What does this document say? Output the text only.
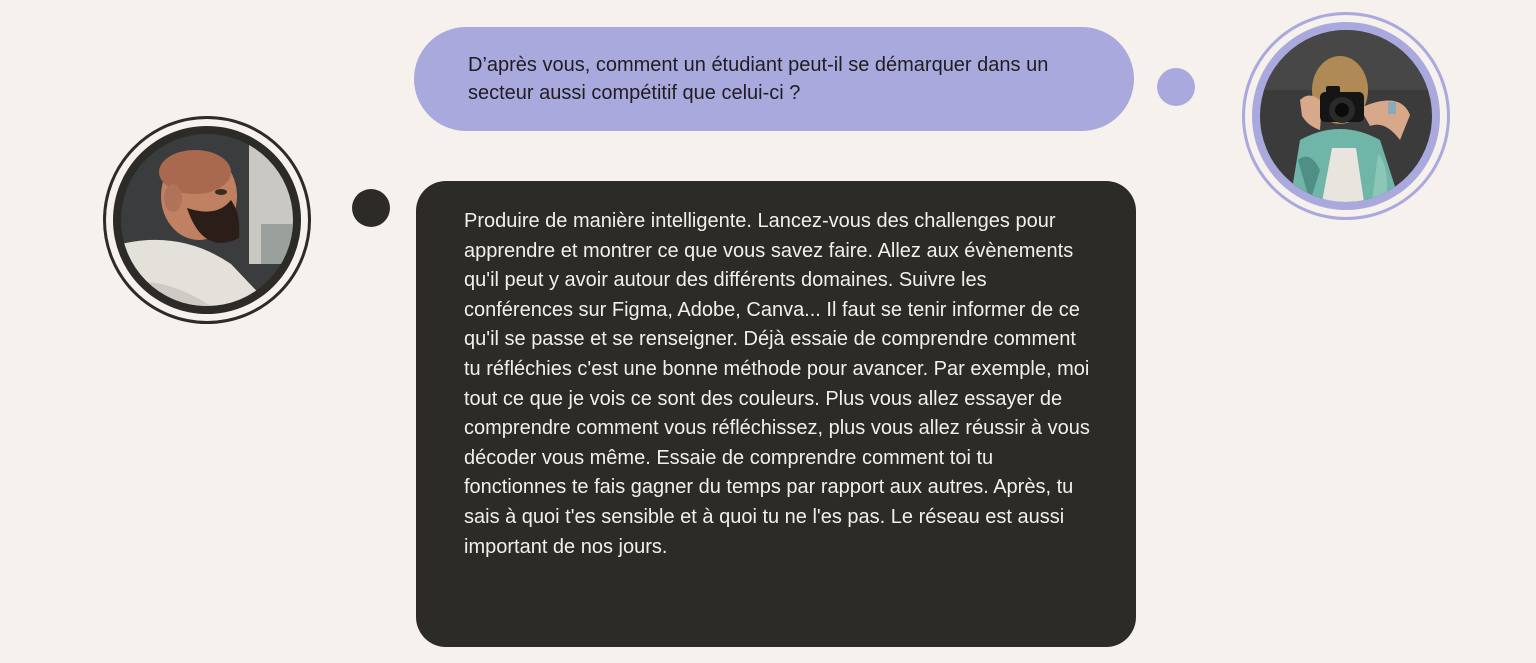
D’après vous, comment un étudiant peut-il se démarquer dans un secteur aussi compétitif que celui-ci ?
Produire de manière intelligente. Lancez-vous des challenges pour apprendre et montrer ce que vous savez faire. Allez aux évènements qu'il peut y avoir autour des différents domaines. Suivre les conférences sur Figma, Adobe, Canva... Il faut se tenir informer de ce qu'il se passe et se renseigner. Déjà essaie de comprendre comment tu réfléchies c'est une bonne méthode pour avancer. Par exemple, moi tout ce que je vois ce sont des couleurs. Plus vous allez essayer de comprendre comment vous réfléchissez, plus vous allez réussir à vous décoder vous même. Essaie de comprendre comment toi tu fonctionnes te fais gagner du temps par rapport aux autres. Après, tu sais à quoi t'es sensible et à quoi tu ne l'es pas. Le réseau est aussi important de nos jours.
